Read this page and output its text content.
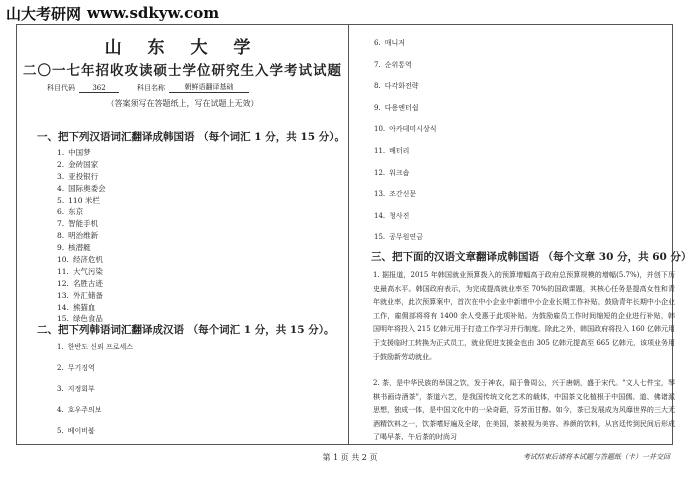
山大考研网 www.sdkyw.com
山 东 大 学
二〇一七年招收攻读硕士学位研究生入学考试试题
科目代码	362	科目名称	朝鲜语翻译基础
（答案须写在答题纸上，写在试题上无效）
一、把下列汉语词汇翻译成韩国语 （每个词汇 1 分，共 15 分）。
1. 中国梦
2. 金砖国家
3. 亚投银行
4. 国际奥委会
5. 110 米栏
6. 东京
7. 智能手机
8. 明治维新
9. 核潜艇
10. 经济危机
11. 大气污染
12. 名胜古迹
13. 外汇储备
14. 熊猫血
15. 绿色食品
二、把下列韩语词汇翻译成汉语 （每个词汇 1 分，共 15 分）。
1. 한반도 신뢰 프로세스
2. 무기징역
3. 지정회부
4. 호우주의보
5. 베이비붐
6. 매니저
7. 순위통역
8. 다각화전략
9. 다용엔터쉽
10. 아카데미시상식
11. 배터리
12. 워크숍
13. 조간신문
14. 청사진
15. 공무원연금
三、把下面的汉语文章翻译成韩国语 （每个文章 30 分，共 60 分）
1. 据报道，2015 年韩国就业预算拨入的预算增幅高于政府总预算规模的增幅(5.7%)，并创下历史最高水平。韩国政府表示，为完成提高就业率至 70%的国政课题，其核心任务是提高女性和青年就业率，此次预算案中，首次在中小企业中新增中小企业长期工作补贴，鼓励青年长期中小企业工作，雇佣部将将有 1400 余人受惠于此项补贴。为鼓励雇员工作时间缩短的企业进行补贴，韩国明年将投入 215 亿韩元用于打造工作学习并行制度。除此之外，韩国政府将投入 160 亿韩元用于支援临时工转换为正式员工，就业促进支援金也由 305 亿韩元提高至 665 亿韩元，该项业务用于鼓励新劳动就业。
2. 茶，是中华民族的举国之饮，发于神农，闻于鲁周公，兴于唐朝，盛于宋代。"文人七件宝，琴棋书画诗酒茶"，茶道六艺，是我国传统文化艺术的载体，中国茶文化植根于中国儒、道、佛诸派思想，独成一体，是中国文化中的一朵奇葩，芬芳而甘醇。如今，茶已发展成为风靡世界的三大无酒精饮料之一，饮茶嗜好遍及全球，在美国，茶被视为美容、养颜的饮料，从宫廷传到民间后形成了喝早茶、午后茶的时尚习
第 1 页 共 2 页	考试结束后请将本试题与答题纸（卡）一并交回
